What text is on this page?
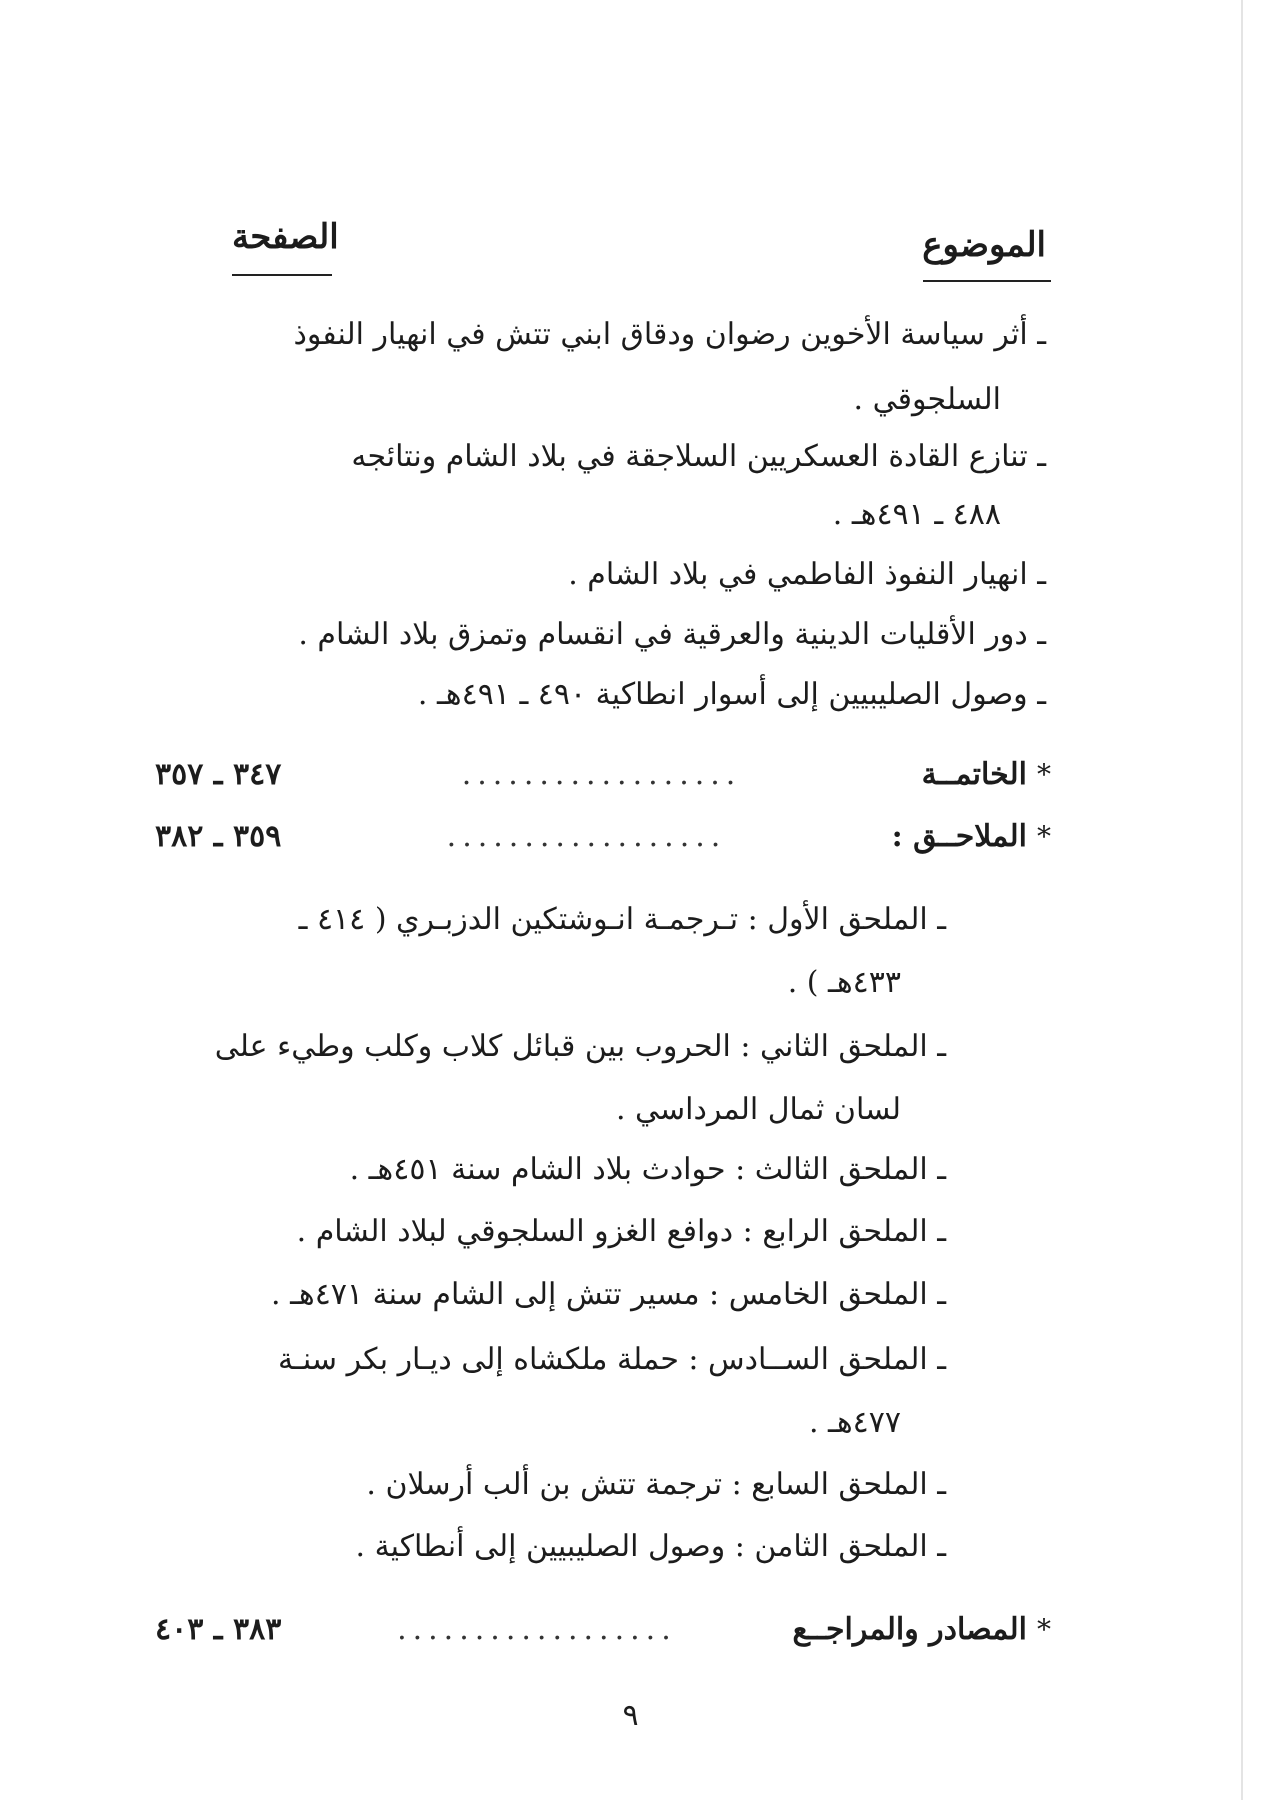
الموضوع
الصفحة
ـ أثر سياسة الأخوين رضوان ودقاق ابني تتش في انهيار النفوذ
السلجوقي .
ـ تنازع القادة العسكريين السلاجقة في بلاد الشام ونتائجه
٤٨٨ ـ ٤٩١هـ .
ـ انهيار النفوذ الفاطمي في بلاد الشام .
ـ دور الأقليات الدينية والعرقية في انقسام وتمزق بلاد الشام .
ـ وصول الصليبيين إلى أسوار انطاكية ٤٩٠ ـ ٤٩١هـ .
*
الخاتمــة
..................
٣٤٧ ـ ٣٥٧
*
الملاحــق :
..................
٣٥٩ ـ ٣٨٢
ـ الملحق الأول : تـرجمـة انـوشتكين الدزبـري ( ٤١٤ ـ
٤٣٣هـ ) .
ـ الملحق الثاني : الحروب بين قبائل كلاب وكلب وطيء على
لسان ثمال المرداسي .
ـ الملحق الثالث : حوادث بلاد الشام سنة ٤٥١هـ .
ـ الملحق الرابع : دوافع الغزو السلجوقي لبلاد الشام .
ـ الملحق الخامس : مسير تتش إلى الشام سنة ٤٧١هـ .
ـ الملحق الســادس : حملة ملكشاه إلى ديـار بكر سنـة
٤٧٧هـ .
ـ الملحق السابع : ترجمة تتش بن ألب أرسلان .
ـ الملحق الثامن : وصول الصليبيين إلى أنطاكية .
*
المصادر والمراجــع
..................
٣٨٣ ـ ٤٠٣
٩
